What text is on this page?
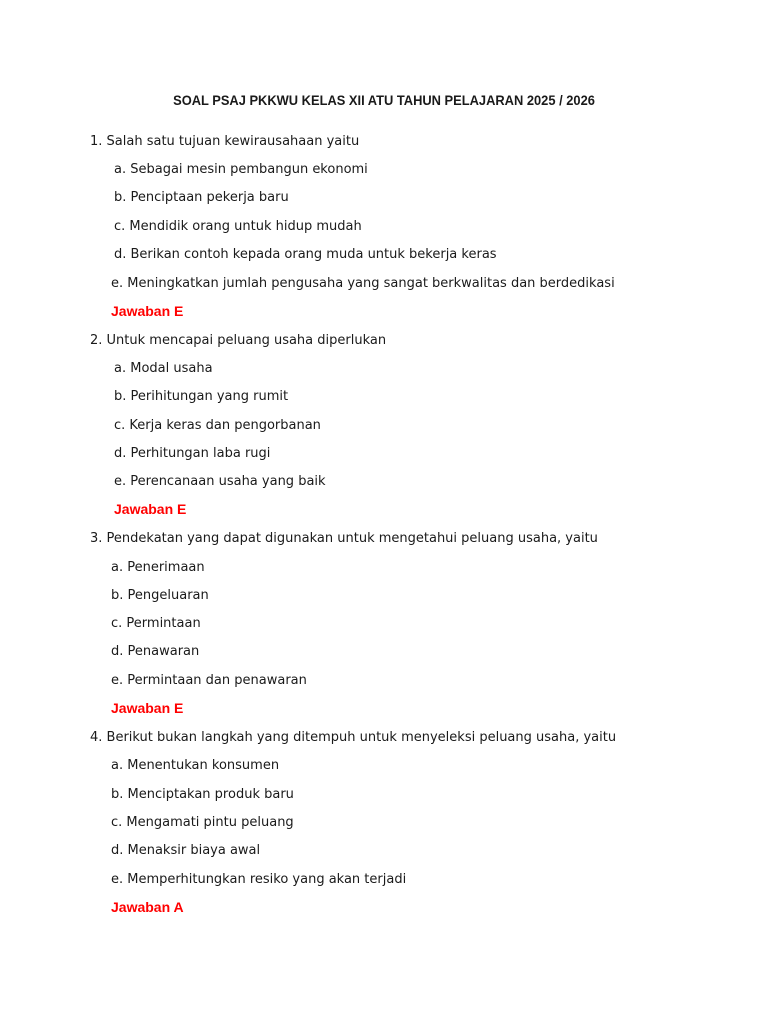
SOAL PSAJ PKKWU KELAS XII ATU TAHUN PELAJARAN 2025 / 2026
1. Salah satu tujuan kewirausahaan yaitu
a. Sebagai mesin pembangun ekonomi
b. Penciptaan pekerja baru
c. Mendidik orang untuk hidup mudah
d. Berikan contoh kepada orang muda untuk bekerja keras
e. Meningkatkan jumlah pengusaha yang sangat berkwalitas dan berdedikasi
Jawaban E
2. Untuk mencapai peluang usaha diperlukan
a. Modal usaha
b. Perihitungan yang rumit
c. Kerja keras dan pengorbanan
d. Perhitungan laba rugi
e. Perencanaan usaha yang baik
Jawaban E
3. Pendekatan yang dapat digunakan untuk mengetahui peluang usaha, yaitu
a. Penerimaan
b. Pengeluaran
c. Permintaan
d. Penawaran
e. Permintaan dan penawaran
Jawaban E
4. Berikut bukan langkah yang ditempuh untuk menyeleksi peluang usaha, yaitu
a. Menentukan konsumen
b. Menciptakan produk baru
c. Mengamati pintu peluang
d. Menaksir biaya awal
e. Memperhitungkan resiko yang akan terjadi
Jawaban A
